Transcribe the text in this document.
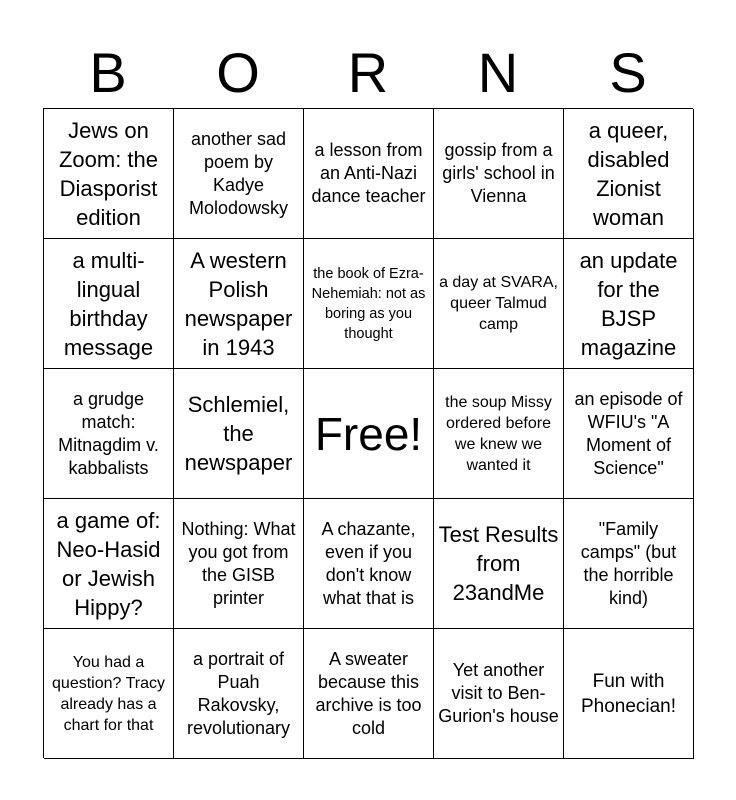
B	O	R	N	S
Jews on Zoom: the Diasporist edition
another sad poem by Kadye Molodowsky
a lesson from an Anti-Nazi dance teacher
gossip from a girls' school in Vienna
a queer, disabled Zionist woman
a multi-lingual birthday message
A western Polish newspaper in 1943
the book of Ezra-Nehemiah: not as boring as you thought
a day at SVARA, queer Talmud camp
an update for the BJSP magazine
a grudge match: Mitnagdim v. kabbalists
Schlemiel, the newspaper
Free!
the soup Missy ordered before we knew we wanted it
an episode of WFIU's "A Moment of Science"
a game of: Neo-Hasid or Jewish Hippy?
Nothing: What you got from the GISB printer
A chazante, even if you don't know what that is
Test Results from 23andMe
"Family camps" (but the horrible kind)
You had a question? Tracy already has a chart for that
a portrait of Puah Rakovsky, revolutionary
A sweater because this archive is too cold
Yet another visit to Ben-Gurion's house
Fun with Phonecian!
